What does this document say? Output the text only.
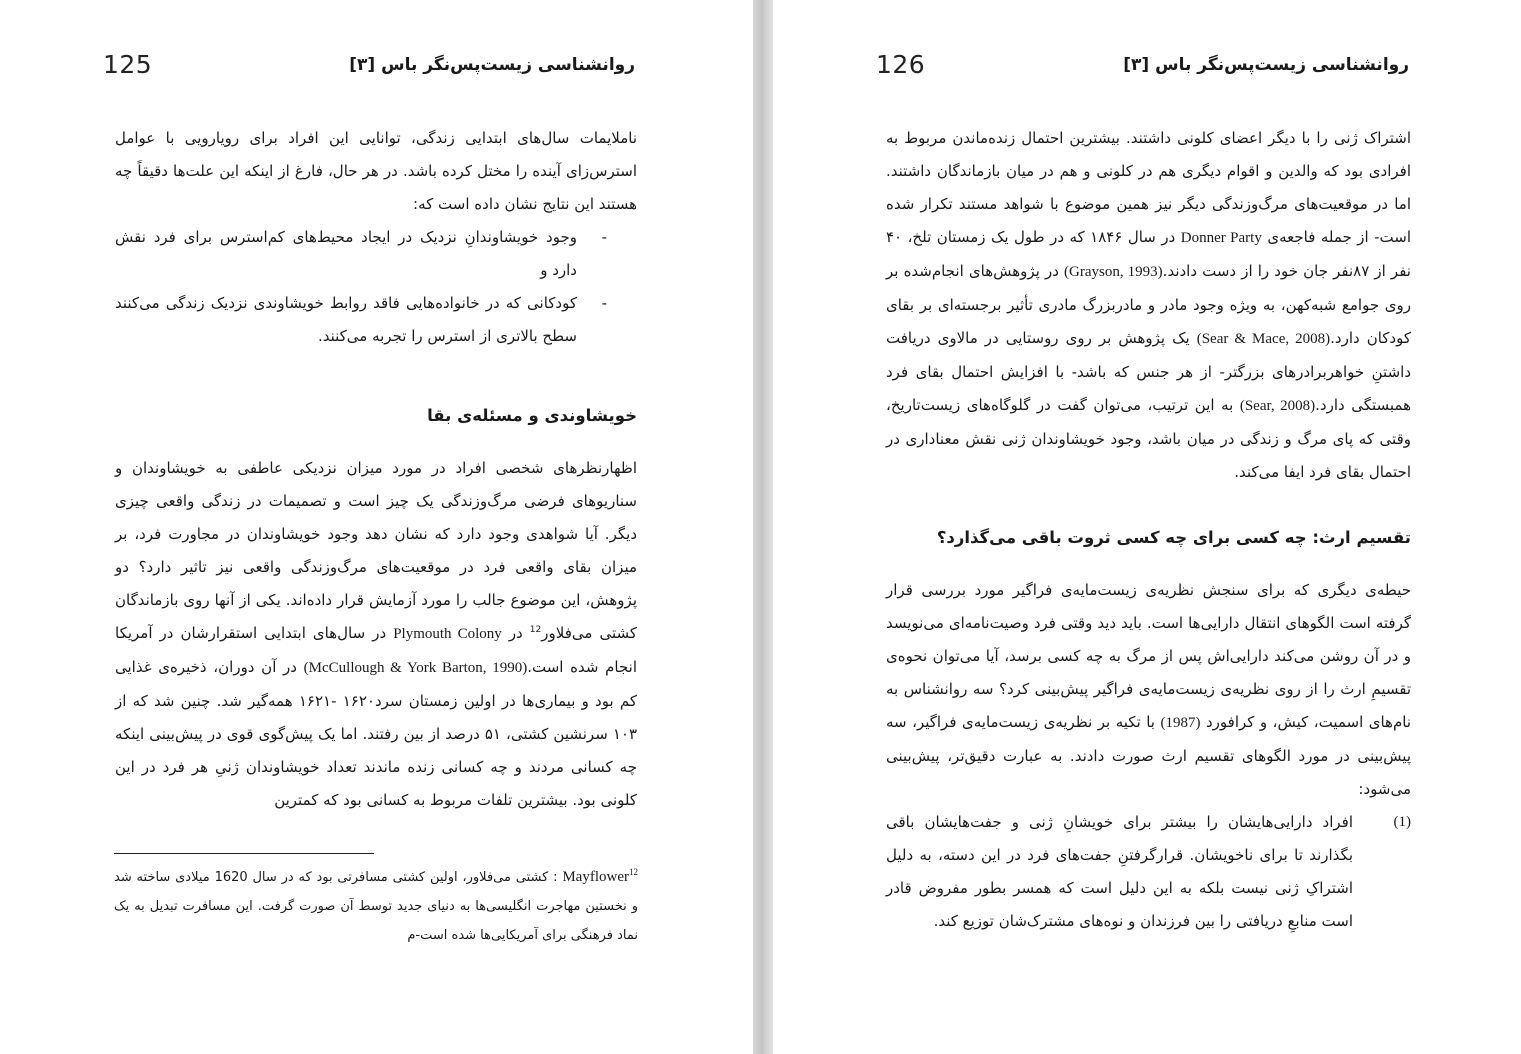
125	روانشناسی زیست‌پس‌نگر باس [۳]

ناملایمات سال‌های ابتدایی زندگی، توانایی این افراد برای رویارویی با عوامل استرس‌زای آینده را مختل کرده باشد. در هر حال، فارغ از اینکه این علت‌ها دقیقاً چه هستند این نتایج نشان داده است که:

-
وجود خویشاوندانِ نزدیک در ایجاد محیط‌های کم‌استرس برای فرد نقش دارد و
-
کودکانی که در خانواده‌هایی فاقد روابط خویشاوندی نزدیک زندگی می‌کنند سطح بالاتری از استرس را تجربه می‌کنند.
خویشاوندی و مسئله‌ی بقا

اظهارنظرهای شخصی افراد در مورد میزان نزدیکی عاطفی به خویشاوندان و سناریوهای فرضی مرگ‌وزندگی یک چیز است و تصمیمات در زندگی واقعی چیزی دیگر. آیا شواهدی وجود دارد که نشان دهد وجود خویشاوندان در مجاورت فرد، بر میزان بقای واقعی فرد در موقعیت‌های مرگ‌وزندگی واقعی نیز تاثیر دارد؟ دو پژوهش، این موضوع جالب را مورد آزمایش قرار داده‌اند. یکی از آنها روی بازماندگان کشتی می‌فلاور$^{12}$ در Plymouth Colony در سال‌های ابتدایی استقرارشان در آمریکا انجام شده است.(McCullough & York Barton, 1990) در آن دوران، ذخیره‌ی غذایی کم بود و بیماری‌ها در اولین زمستان سرد۱۶۲۰ -۱۶۲۱ همه‌گیر شد. چنین شد که از ۱۰۳ سرنشین کشتی، ۵۱ درصد از بین رفتند. اما یک پیش‌گوی قوی در پیش‌بینی اینکه چه کسانی مردند و چه کسانی زنده ماندند تعداد خویشاوندان ژنیِ هر فرد در این کلونی بود. بیشترین تلفات مربوط به کسانی بود که کمترین

Mayflower$^{12}$ : کشتی می‌فلاور، اولین کشتی مسافرتی بود که در سال 1620 میلادی ساخته شد و نخستین مهاجرت انگلیسی‌ها به دنیای جدید توسط آن صورت گرفت. این مسافرت تبدیل به یک نماد فرهنگی برای آمریکایی‌ها شده است-م
126	روانشناسی زیست‌پس‌نگر باس [۳]

اشتراک ژنی را با دیگر اعضای کلونی داشتند. بیشترین احتمال زنده‌ماندن مربوط به افرادی بود که والدین و اقوام دیگری هم در کلونی و هم در میان بازماندگان داشتند. اما در موقعیت‌های مرگ‌وزندگی دیگر نیز همین موضوع با شواهد مستند تکرار شده است- از جمله فاجعه‌ی Donner Party در سال ۱۸۴۶ که در طول یک زمستان تلخ، ۴۰ نفر از ۸۷نفر جان خود را از دست دادند.(Grayson, 1993) در پژوهش‌های انجام‌شده بر روی جوامع شبه‌کهن، به ویژه وجود مادر و مادربزرگ مادری تأثیر برجسته‌ای بر بقای کودکان دارد.(Sear & Mace, 2008) یک پژوهش بر روی روستایی در مالاوی دریافت داشتنِ خواهربرادرهای بزرگتر- از هر جنس که باشد- با افزایش احتمال بقای فرد همبستگی دارد.(Sear, 2008) به این ترتیب، می‌توان گفت در گلوگاه‌های زیست‌تاریخ، وقتی که پای مرگ و زندگی در میان باشد، وجود خویشاوندان ژنی نقش معناداری در احتمال بقای فرد ایفا می‌کند.

تقسیم ارث: چه کسی برای چه کسی ثروت باقی می‌گذارد؟

حیطه‌ی دیگری که برای سنجش نظریه‌ی زیست‌مایه‌ی فراگیر مورد بررسی قرار گرفته است الگوهای انتقال دارایی‌ها است. باید دید وقتی فرد وصیت‌نامه‌ای می‌نویسد و در آن روشن می‌کند دارایی‌اش پس از مرگ به چه کسی برسد، آیا می‌توان نحوه‌ی تقسیمِ ارث را از روی نظریه‌ی زیست‌مایه‌ی فراگیر پیش‌بینی کرد؟ سه روانشناس به نام‌های اسمیت، کیش، و کرافورد (1987) با تکیه بر نظریه‌ی زیست‌مایه‌ی فراگیر، سه پیش‌بینی در مورد الگوهای تقسیم ارث صورت دادند. به عبارت دقیق‌تر، پیش‌بینی می‌شود:

(1)
افراد دارایی‌هایشان را بیشتر برای خویشانِ ژنی و جفت‌هایشان باقی بگذارند تا برای ناخویشان. قرارگرفتنِ جفت‌های فرد در این دسته، به دلیل اشتراکِ ژنی نیست بلکه به این دلیل است که همسر بطور مفروض قادر است منابعِ دریافتی را بین فرزندان و نوه‌های مشترک‌شان توزیع کند.
